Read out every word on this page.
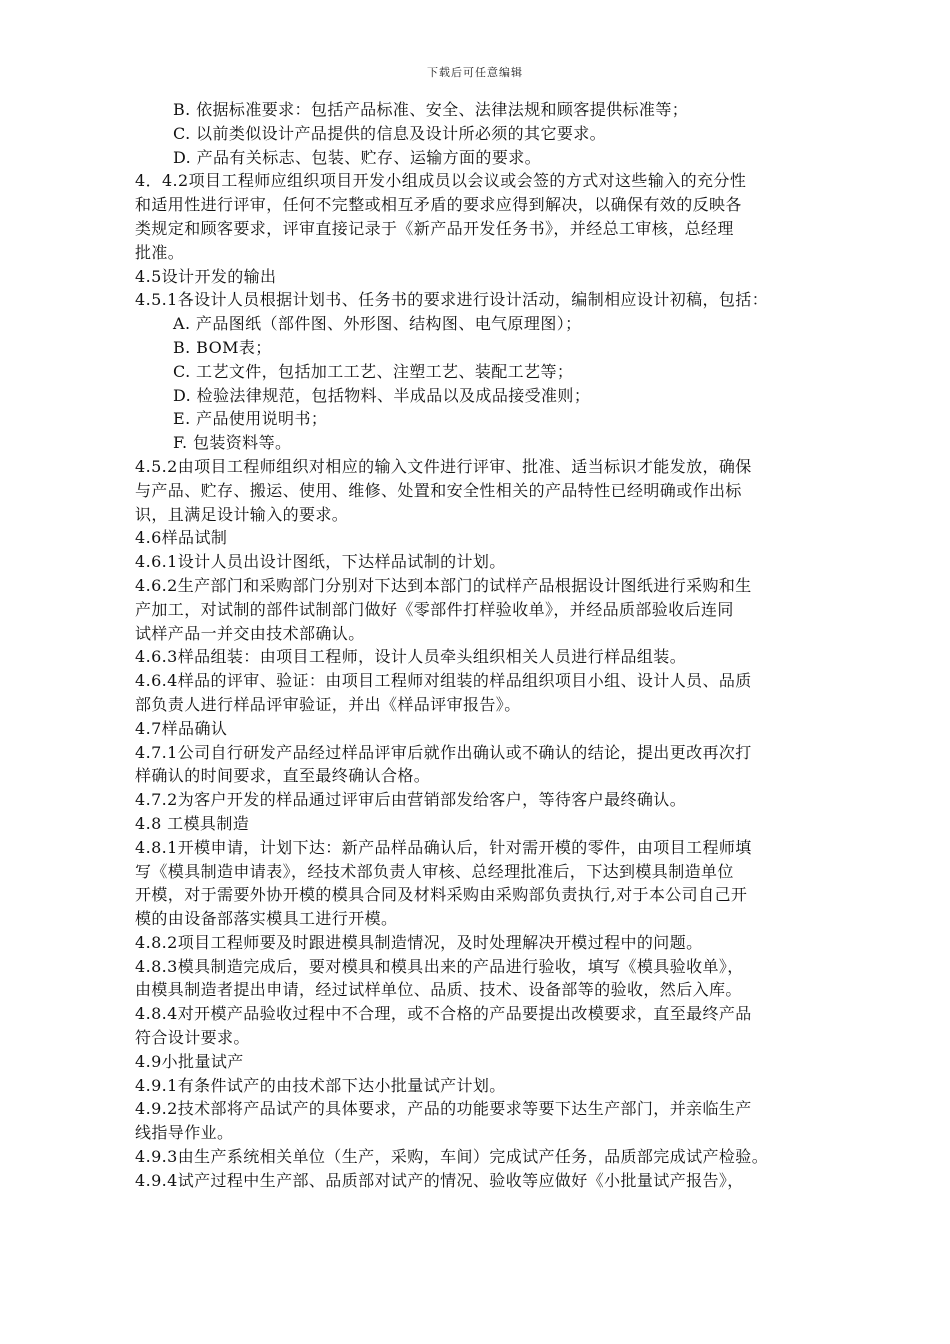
下载后可任意编辑
B. 依据标准要求：包括产品标准、安全、法律法规和顾客提供标准等；
C. 以前类似设计产品提供的信息及设计所必须的其它要求。
D. 产品有关标志、包装、贮存、运输方面的要求。
4．4.2项目工程师应组织项目开发小组成员以会议或会签的方式对这些输入的充分性
和适用性进行评审，任何不完整或相互矛盾的要求应得到解决，以确保有效的反映各
类规定和顾客要求，评审直接记录于《新产品开发任务书》，并经总工审核，总经理
批准。
4.5设计开发的输出
4.5.1各设计人员根据计划书、任务书的要求进行设计活动，编制相应设计初稿，包括：
A. 产品图纸（部件图、外形图、结构图、电气原理图）；
B. BOM表；
C. 工艺文件，包括加工工艺、注塑工艺、装配工艺等；
D. 检验法律规范，包括物料、半成品以及成品接受准则；
E. 产品使用说明书；
F. 包装资料等。
4.5.2由项目工程师组织对相应的输入文件进行评审、批准、适当标识才能发放，确保
与产品、贮存、搬运、使用、维修、处置和安全性相关的产品特性已经明确或作出标
识，且满足设计输入的要求。
4.6样品试制
4.6.1设计人员出设计图纸，下达样品试制的计划。
4.6.2生产部门和采购部门分别对下达到本部门的试样产品根据设计图纸进行采购和生
产加工，对试制的部件试制部门做好《零部件打样验收单》，并经品质部验收后连同
试样产品一并交由技术部确认。
4.6.3样品组装：由项目工程师，设计人员牵头组织相关人员进行样品组装。
4.6.4样品的评审、验证：由项目工程师对组装的样品组织项目小组、设计人员、品质
部负责人进行样品评审验证，并出《样品评审报告》。
4.7样品确认
4.7.1公司自行研发产品经过样品评审后就作出确认或不确认的结论，提出更改再次打
样确认的时间要求，直至最终确认合格。
4.7.2为客户开发的样品通过评审后由营销部发给客户，等待客户最终确认。
4.8 工模具制造
4.8.1开模申请，计划下达：新产品样品确认后，针对需开模的零件，由项目工程师填
写《模具制造申请表》，经技术部负责人审核、总经理批准后，下达到模具制造单位
开模，对于需要外协开模的模具合同及材料采购由采购部负责执行,对于本公司自己开
模的由设备部落实模具工进行开模。
4.8.2项目工程师要及时跟进模具制造情况，及时处理解决开模过程中的问题。
4.8.3模具制造完成后，要对模具和模具出来的产品进行验收，填写《模具验收单》，
由模具制造者提出申请，经过试样单位、品质、技术、设备部等的验收，然后入库。
4.8.4对开模产品验收过程中不合理，或不合格的产品要提出改模要求，直至最终产品
符合设计要求。
4.9小批量试产
4.9.1有条件试产的由技术部下达小批量试产计划。
4.9.2技术部将产品试产的具体要求，产品的功能要求等要下达生产部门，并亲临生产
线指导作业。
4.9.3由生产系统相关单位（生产，采购，车间）完成试产任务，品质部完成试产检验。
4.9.4试产过程中生产部、品质部对试产的情况、验收等应做好《小批量试产报告》，
